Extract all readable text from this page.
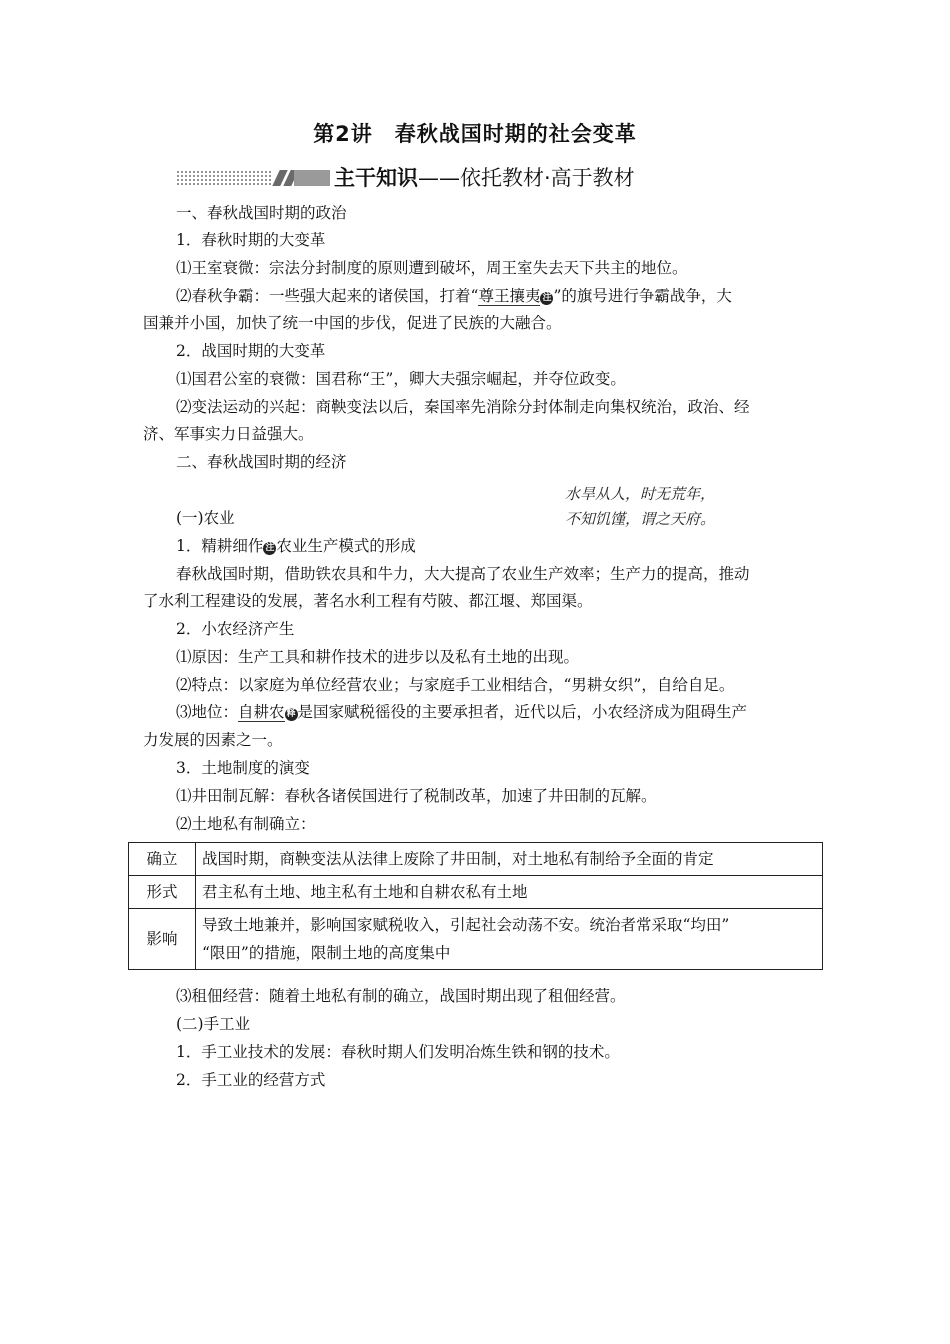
第2讲　春秋战国时期的社会变革
主干知识——依托教材·高于教材
一、春秋战国时期的政治
1．春秋时期的大变革
⑴王室衰微：宗法分封制度的原则遭到破坏，周王室失去天下共主的地位。
⑵春秋争霸：一些强大起来的诸侯国，打着“尊王攘夷 注 ”的旗号进行争霸战争，大
国兼并小国，加快了统一中国的步伐，促进了民族的大融合。
2．战国时期的大变革
⑴国君公室的衰微：国君称“王”，卿大夫强宗崛起，并夺位政变。
⑵变法运动的兴起：商鞅变法以后，秦国率先消除分封体制走向集权统治，政治、经
济、军事实力日益强大。
二、春秋战国时期的经济
水旱从人，时无荒年，
不知饥馑，谓之天府。
(一)农业
1．精耕细作 注 农业生产模式的形成
春秋战国时期，借助铁农具和牛力，大大提高了农业生产效率；生产力的提高，推动
了水利工程建设的发展，著名水利工程有芍陂、都江堰、郑国渠。
2．小农经济产生
⑴原因：生产工具和耕作技术的进步以及私有土地的出现。
⑵特点：以家庭为单位经营农业；与家庭手工业相结合，“男耕女织”，自给自足。
⑶地位：自耕农 释 是国家赋税徭役的主要承担者，近代以后，小农经济成为阻碍生产
力发展的因素之一。
3．土地制度的演变
⑴井田制瓦解：春秋各诸侯国进行了税制改革，加速了井田制的瓦解。
⑵土地私有制确立：
确立	战国时期，商鞅变法从法律上废除了井田制，对土地私有制给予全面的肯定
形式	君主私有土地、地主私有土地和自耕农私有土地
影响	导致土地兼并，影响国家赋税收入，引起社会动荡不安。统治者常采取“均田”
“限田”的措施，限制土地的高度集中
⑶租佃经营：随着土地私有制的确立，战国时期出现了租佃经营。
(二)手工业
1．手工业技术的发展：春秋时期人们发明冶炼生铁和钢的技术。
2．手工业的经营方式
